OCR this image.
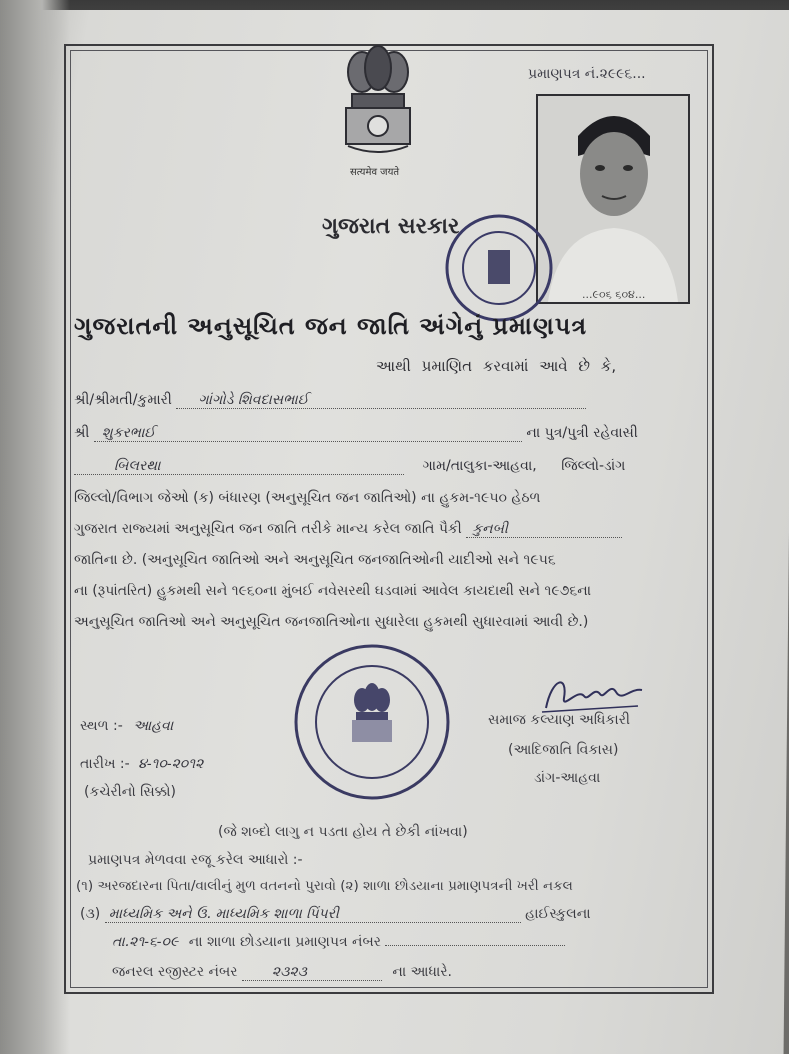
सत्यमेव जयते
પ્રમાણપત્ર નં.૨૯૯૬...
...૯૦૬ ૬૦૪...
ગુજરાત સરકાર
ગુજરાતની અનુસૂચિત જન જાતિ અંગેનું પ્રમાણપત્ર
આથી પ્રમાણિત કરવામાં આવે છે કે,
શ્રી/શ્રીમતી/કુમારી ગાંગોડે શિવદાસભાઈ
શ્રી શુકરભાઈ	ના પુત્ર/પુત્રી રહેવાસી
બિલરથા	ગામ/તાલુકા-આહવા, જિલ્લો-ડાંગ
જિલ્લો/વિભાગ જેઓ (ક) બંધારણ (અનુસૂચિત જન જાતિઓ) ના હુકમ-૧૯૫૦ હેઠળ
ગુજરાત રાજ્યમાં અનુસૂચિત જન જાતિ તરીકે માન્ય કરેલ જાતિ પૈકી કુનબી
જાતિના છે. (અનુસૂચિત જાતિઓ અને અનુસૂચિત જનજાતિઓની યાદીઓ સને ૧૯૫૬
ના (રૂપાંતરિત) હુકમથી સને ૧૯૬૦ના મુંબઈ નવેસરથી ઘડવામાં આવેલ કાયદાથી સને ૧૯૭૬ના
અનુસૂચિત જાતિઓ અને અનુસૂચિત જનજાતિઓના સુધારેલા હુકમથી સુધારવામાં આવી છે.)
સ્થળ :- આહવા
તારીખ :- ૪-૧૦-૨૦૧૨
(કચેરીનો સિક્કો)
સમાજ કલ્યાણ અધિકારી
(આદિજાતિ વિકાસ)
ડાંગ-આહવા
(જે શબ્દો લાગુ ન પડતા હોય તે છેકી નાંખવા)
પ્રમાણપત્ર મેળવવા રજૂ કરેલ આધારો :-
(૧) અરજદારના પિતા/વાલીનું મુળ વતનનો પુરાવો (૨) શાળા છોડયાના પ્રમાણપત્રની ખરી નકલ
(૩) માધ્યમિક અને ઉ. માધ્યમિક શાળા પિંપરી	હાઈસ્કુલના
તા.૨૧-૬-૦૯ ના શાળા છોડયાના પ્રમાણપત્ર નંબર
જનરલ રજીસ્ટર નંબર ૨૩૨૩	ના આધારે.
